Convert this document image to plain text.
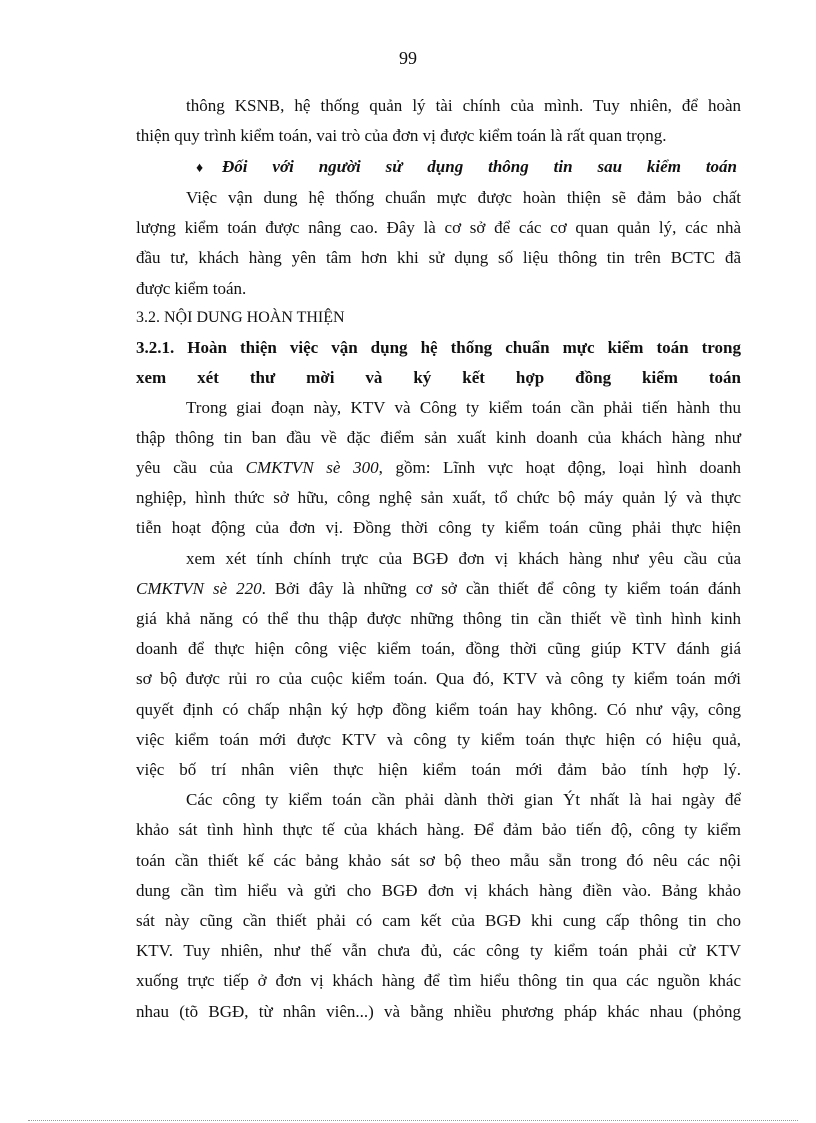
99
thông KSNB, hệ thống quản lý tài chính của mình. Tuy nhiên, để hoàn
thiện quy trình kiểm toán, vai trò của đơn vị được kiểm toán là rất quan trọng.
♦ Đối với người sử dụng thông tin sau kiểm toán
Việc vận dung hệ thống chuẩn mực được hoàn thiện sẽ đảm bảo chất
lượng kiểm toán được nâng cao. Đây là cơ sở để các cơ quan quản lý, các nhà
đầu tư, khách hàng yên tâm hơn khi sử dụng số liệu thông tin trên BCTC đã
được kiểm toán.
3.2. NỘI DUNG HOÀN THIỆN
3.2.1. Hoàn thiện việc vận dụng hệ thống chuẩn mực kiểm toán trong
xem xét thư mời và ký kết hợp đồng kiểm toán
Trong giai đoạn này, KTV và Công ty kiểm toán cần phải tiến hành thu
thập thông tin ban đầu về đặc điểm sản xuất kinh doanh của khách hàng như
yêu cầu của CMKTVN sè 300, gồm: Lĩnh vực hoạt động, loại hình doanh
nghiệp, hình thức sở hữu, công nghệ sản xuất, tổ chức bộ máy quản lý và thực
tiễn hoạt động của đơn vị. Đồng thời công ty kiểm toán cũng phải thực hiện
xem xét tính chính trực của BGĐ đơn vị khách hàng như yêu cầu của
CMKTVN sè 220. Bởi đây là những cơ sở cần thiết để công ty kiểm toán đánh
giá khả năng có thể thu thập được những thông tin cần thiết về tình hình kinh
doanh để thực hiện công việc kiểm toán, đồng thời cũng giúp KTV đánh giá
sơ bộ được rủi ro của cuộc kiểm toán. Qua đó, KTV và công ty kiểm toán mới
quyết định có chấp nhận ký hợp đồng kiểm toán hay không. Có như vậy, công
việc kiểm toán mới được KTV và công ty kiểm toán thực hiện có hiệu quả,
việc bố trí nhân viên thực hiện kiểm toán mới đảm bảo tính hợp lý.
Các công ty kiểm toán cần phải dành thời gian Ýt nhất là hai ngày để
khảo sát tình hình thực tế của khách hàng. Để đảm bảo tiến độ, công ty kiểm
toán cần thiết kế các bảng khảo sát sơ bộ theo mẫu sẵn trong đó nêu các nội
dung cần tìm hiểu và gửi cho BGĐ đơn vị khách hàng điền vào. Bảng khảo
sát này cũng cần thiết phải có cam kết của BGĐ khi cung cấp thông tin cho
KTV. Tuy nhiên, như thế vẫn chưa đủ, các công ty kiểm toán phải cử KTV
xuống trực tiếp ở đơn vị khách hàng để tìm hiểu thông tin qua các nguồn khác
nhau (tõ BGĐ, từ nhân viên...) và bằng nhiều phương pháp khác nhau (phỏng
